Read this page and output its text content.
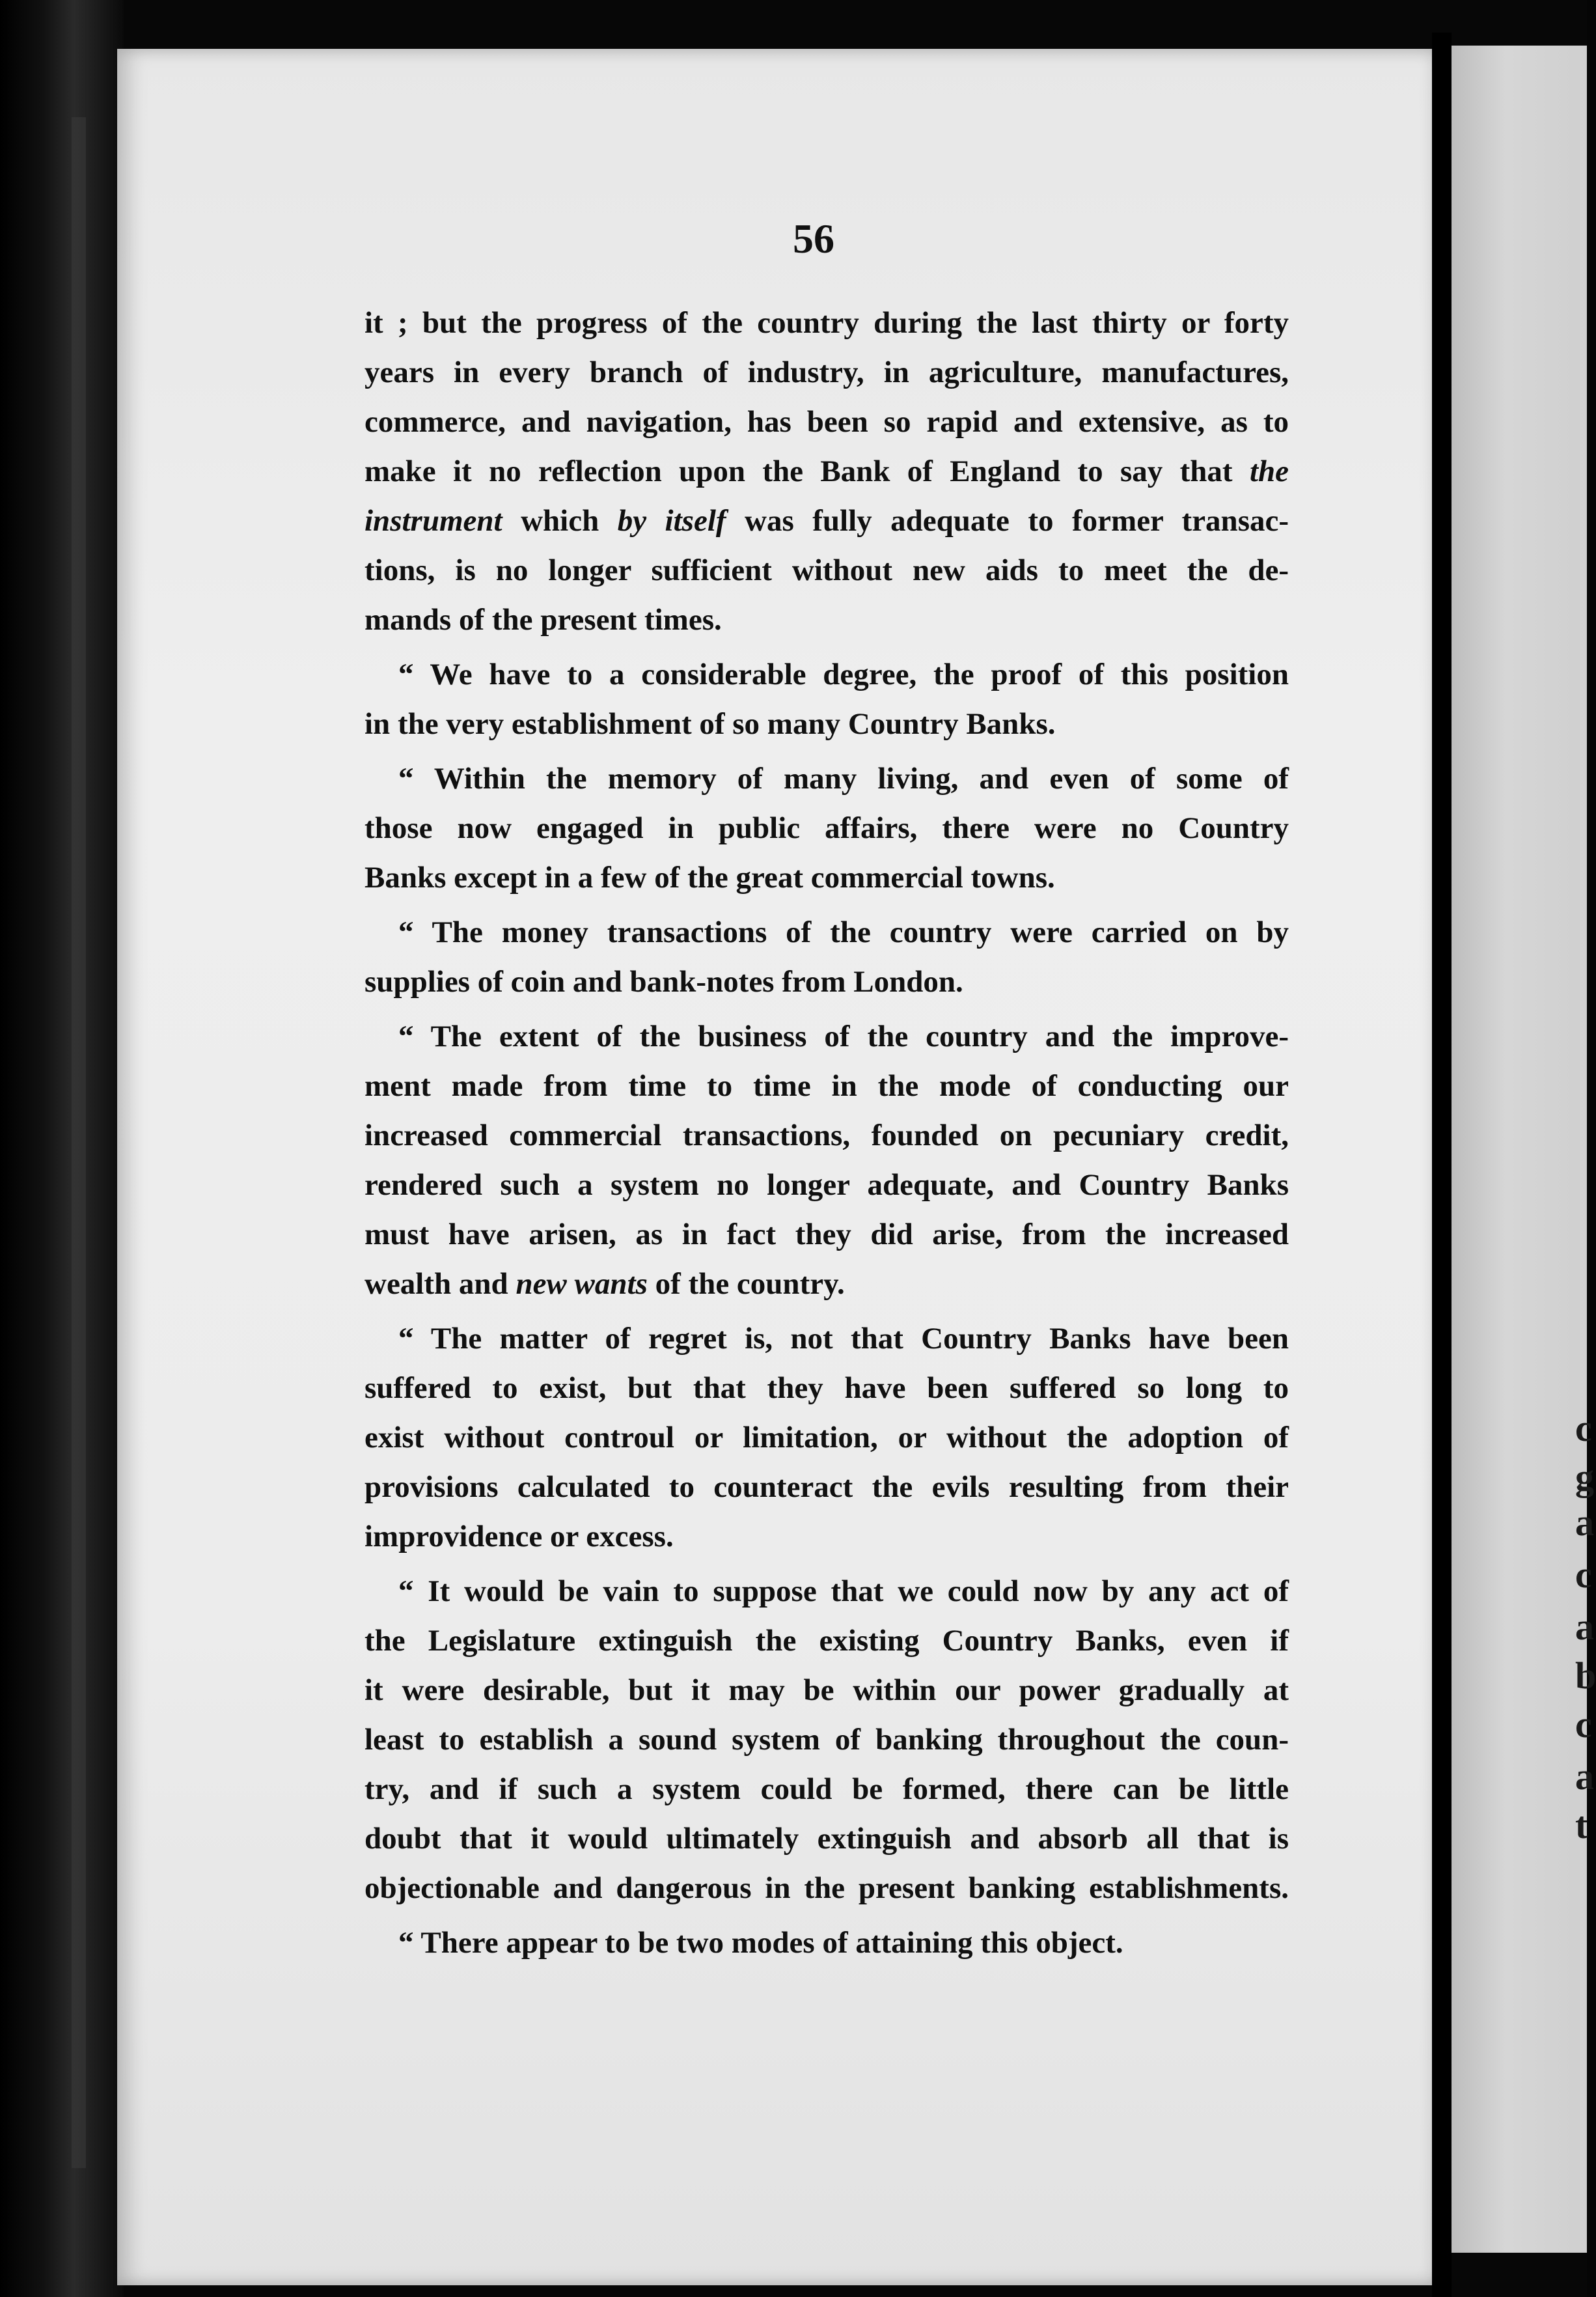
c
g
a
c
a
b
c
a
t
56
it ; but the progress of the country during the last thirty or forty
years in every branch of industry, in agriculture, manufactures,
commerce, and navigation, has been so rapid and extensive, as to
make it no reflection upon the Bank of England to say that the
instrument which by itself was fully adequate to former transac-
tions, is no longer sufficient without new aids to meet the de-
mands of the present times.
“ We have to a considerable degree, the proof of this position
in the very establishment of so many Country Banks.
“ Within the memory of many living, and even of some of
those now engaged in public affairs, there were no Country
Banks except in a few of the great commercial towns.
“ The money transactions of the country were carried on by
supplies of coin and bank-notes from London.
“ The extent of the business of the country and the improve-
ment made from time to time in the mode of conducting our
increased commercial transactions, founded on pecuniary credit,
rendered such a system no longer adequate, and Country Banks
must have arisen, as in fact they did arise, from the increased
wealth and new wants of the country.
“ The matter of regret is, not that Country Banks have been
suffered to exist, but that they have been suffered so long to
exist without controul or limitation, or without the adoption of
provisions calculated to counteract the evils resulting from their
improvidence or excess.
“ It would be vain to suppose that we could now by any act of
the Legislature extinguish the existing Country Banks, even if
it were desirable, but it may be within our power gradually at
least to establish a sound system of banking throughout the coun-
try, and if such a system could be formed, there can be little
doubt that it would ultimately extinguish and absorb all that is
objectionable and dangerous in the present banking establishments.
“ There appear to be two modes of attaining this object.
